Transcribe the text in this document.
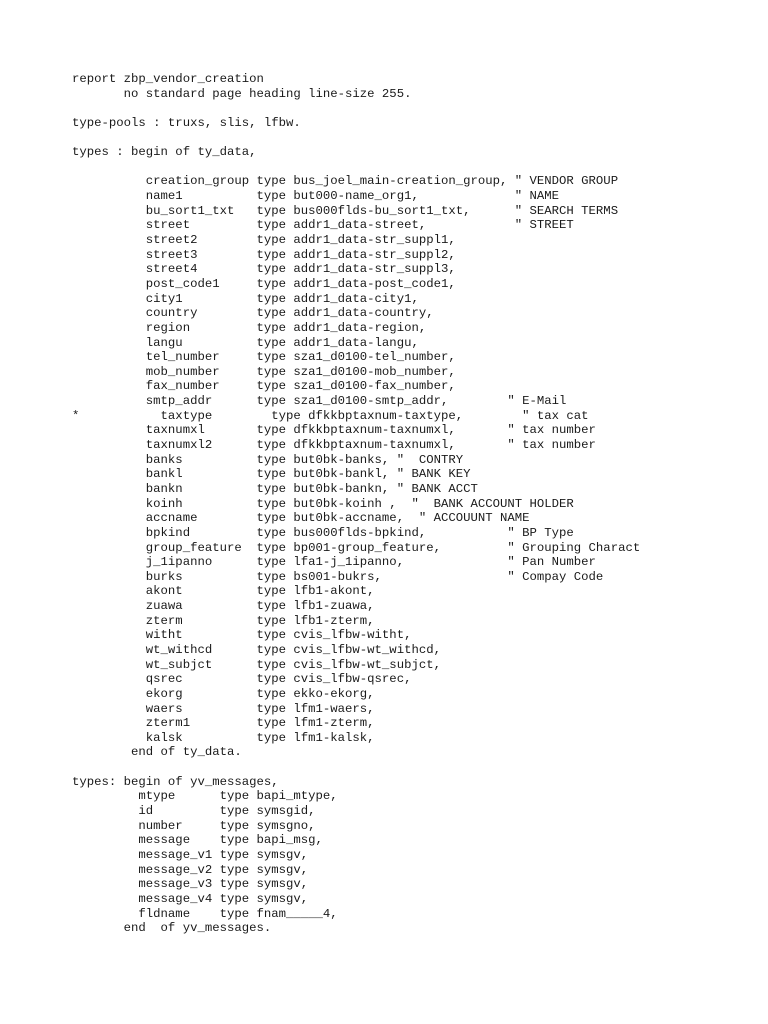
report zbp_vendor_creation
no standard page heading line-size 255.
type-pools : truxs, slis, lfbw.
types : begin of ty_data,
creation_group type bus_joel_main-creation_group, " VENDOR GROUP
name1          type but000-name_org1,             " NAME
bu_sort1_txt   type bus000flds-bu_sort1_txt,      " SEARCH TERMS
street         type addr1_data-street,            " STREET
street2        type addr1_data-str_suppl1,
street3        type addr1_data-str_suppl2,
street4        type addr1_data-str_suppl3,
post_code1     type addr1_data-post_code1,
city1          type addr1_data-city1,
country        type addr1_data-country,
region         type addr1_data-region,
langu          type addr1_data-langu,
tel_number     type sza1_d0100-tel_number,
mob_number     type sza1_d0100-mob_number,
fax_number     type sza1_d0100-fax_number,
smtp_addr      type sza1_d0100-smtp_addr,        " E-Mail
*           taxtype        type dfkkbptaxnum-taxtype,        " tax cat
taxnumxl       type dfkkbptaxnum-taxnumxl,       " tax number
taxnumxl2      type dfkkbptaxnum-taxnumxl,       " tax number
banks          type but0bk-banks, "  CONTRY
bankl          type but0bk-bankl, " BANK KEY
bankn          type but0bk-bankn, " BANK ACCT
koinh          type but0bk-koinh ,  "  BANK ACCOUNT HOLDER
accname        type but0bk-accname,  " ACCOUUNT NAME
bpkind         type bus000flds-bpkind,           " BP Type
group_feature  type bp001-group_feature,         " Grouping Charact
j_1ipanno      type lfa1-j_1ipanno,              " Pan Number
burks          type bs001-bukrs,                 " Compay Code
akont          type lfb1-akont,
zuawa          type lfb1-zuawa,
zterm          type lfb1-zterm,
witht          type cvis_lfbw-witht,
wt_withcd      type cvis_lfbw-wt_withcd,
wt_subjct      type cvis_lfbw-wt_subjct,
qsrec          type cvis_lfbw-qsrec,
ekorg          type ekko-ekorg,
waers          type lfm1-waers,
zterm1         type lfm1-zterm,
kalsk          type lfm1-kalsk,
end of ty_data.
types: begin of yv_messages,
mtype      type bapi_mtype,
id         type symsgid,
number     type symsgno,
message    type bapi_msg,
message_v1 type symsgv,
message_v2 type symsgv,
message_v3 type symsgv,
message_v4 type symsgv,
fldname    type fnam_____4,
end  of yv_messages.
